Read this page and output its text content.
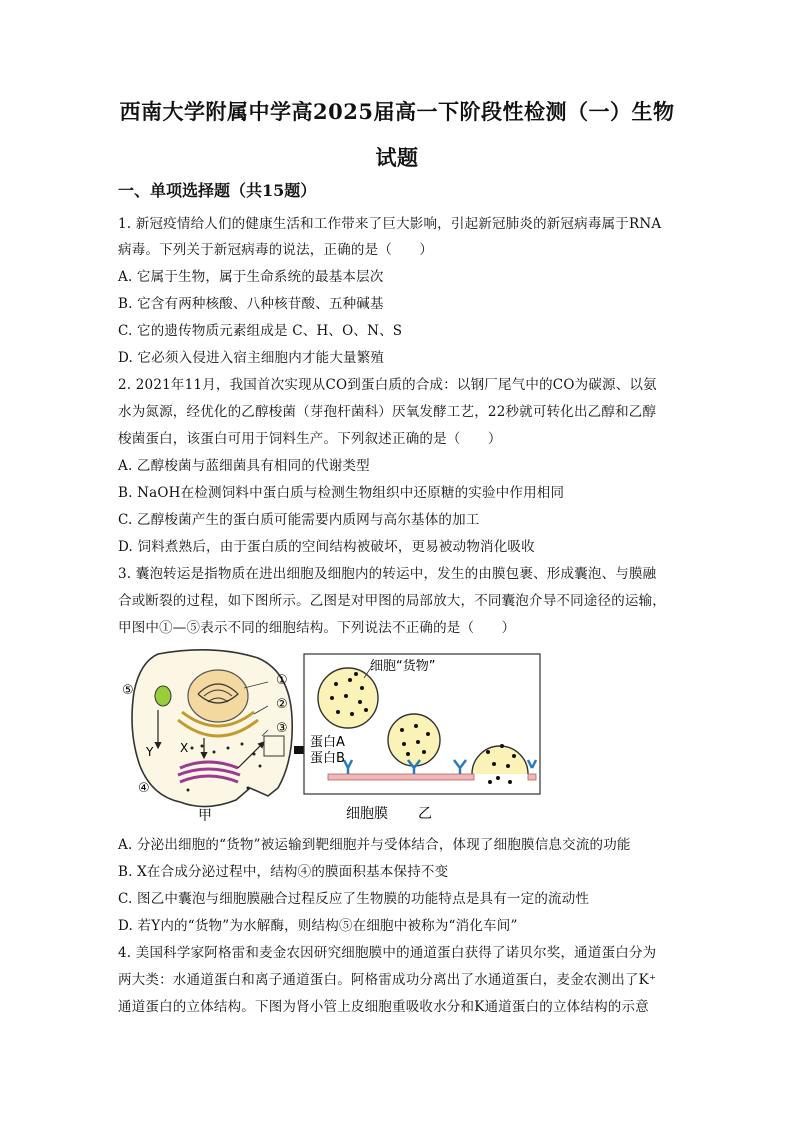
西南大学附属中学高2025届高一下阶段性检测（一）生物
试题
一、单项选择题（共15题）
1. 新冠疫情给人们的健康生活和工作带来了巨大影响，引起新冠肺炎的新冠病毒属于RNA
病毒。下列关于新冠病毒的说法，正确的是（　　）
A. 它属于生物，属于生命系统的最基本层次
B. 它含有两种核酸、八种核苷酸、五种碱基
C. 它的遗传物质元素组成是 C、H、O、N、S
D. 它必须入侵进入宿主细胞内才能大量繁殖
2. 2021年11月，我国首次实现从CO到蛋白质的合成：以钢厂尾气中的CO为碳源、以氨
水为氮源，经优化的乙醇梭菌（芽孢杆菌科）厌氧发酵工艺，22秒就可转化出乙醇和乙醇
梭菌蛋白，该蛋白可用于饲料生产。下列叙述正确的是（　　）
A. 乙醇梭菌与蓝细菌具有相同的代谢类型
B. NaOH在检测饲料中蛋白质与检测生物组织中还原糖的实验中作用相同
C. 乙醇梭菌产生的蛋白质可能需要内质网与高尔基体的加工
D. 饲料煮熟后，由于蛋白质的空间结构被破坏，更易被动物消化吸收
3. 囊泡转运是指物质在进出细胞及细胞内的转运中，发生的由膜包裹、形成囊泡、与膜融
合或断裂的过程，如下图所示。乙图是对甲图的局部放大，不同囊泡介导不同途径的运输，
甲图中①—⑤表示不同的细胞结构。下列说法不正确的是（　　）
⑤
①
②
③
④
Y X
甲
细胞“货物”
蛋白A
蛋白B
细胞膜 乙
A. 分泌出细胞的“货物”被运输到靶细胞并与受体结合，体现了细胞膜信息交流的功能
B. X在合成分泌过程中，结构④的膜面积基本保持不变
C. 图乙中囊泡与细胞膜融合过程反应了生物膜的功能特点是具有一定的流动性
D. 若Y内的“货物”为水解酶，则结构⑤在细胞中被称为“消化车间”
4. 美国科学家阿格雷和麦金农因研究细胞膜中的通道蛋白获得了诺贝尔奖，通道蛋白分为
两大类：水通道蛋白和离子通道蛋白。阿格雷成功分离出了水通道蛋白，麦金农测出了K⁺
通道蛋白的立体结构。下图为肾小管上皮细胞重吸收水分和K通道蛋白的立体结构的示意
